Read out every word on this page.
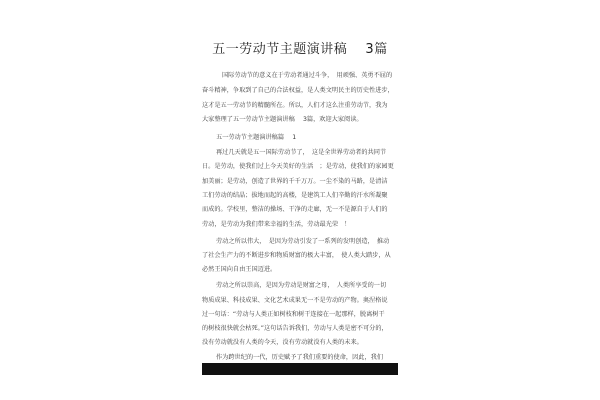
五一劳动节主题演讲稿　 3篇
国际劳动节的意义在于劳动者通过斗争，　用顽强、英勇不屈的
奋斗精神，争取到了自己的合法权益，是人类文明民主的历史性进步，
这才是五一劳动节的精髓所在。所以，人们才这么注重劳动节，我为
大家整理了五一劳动节主题演讲稿　 3篇，欢迎大家阅读。
五一劳动节主题演讲稿篇　 1
再过几天就是五一国际劳动节了，　这是全世界劳动者的共同节
日。是劳动，使我们过上今天美好的生活　；是劳动，使我们的家园更
加美丽；是劳动，创造了世界的千千万万。一尘不染的马路，是清洁
工们劳动的结晶；拔地而起的高楼，是建筑工人们辛勤的汗水所凝聚
而成的。学校里，整洁的操场、干净的走廊，无一不是源自于人们的
劳动，是劳动为我们带来幸福的生活，劳动最光荣　！
劳动之所以伟大，　是因为劳动引发了一系列的发明创造，　推动
了社会生产力的不断进步和物质财富的极大丰富，　使人类大踏步，从
必然王国向自由王国迈进。
劳动之所以崇高，是因为劳动是财富之母，　人类所享受的一切
物质成果、科技成果、文化艺术成果无一不是劳动的产物。奥涅格说
过一句话：“劳动与人类正如树枝和树干连接在一起那样，脱离树干
的树枝很快就会枯死。”这句话告诉我们，劳动与人类是密不可分的，
没有劳动就没有人类的今天，没有劳动就没有人类的未来。
作为跨世纪的一代，历史赋予了我们重要的使命，因此，我们
